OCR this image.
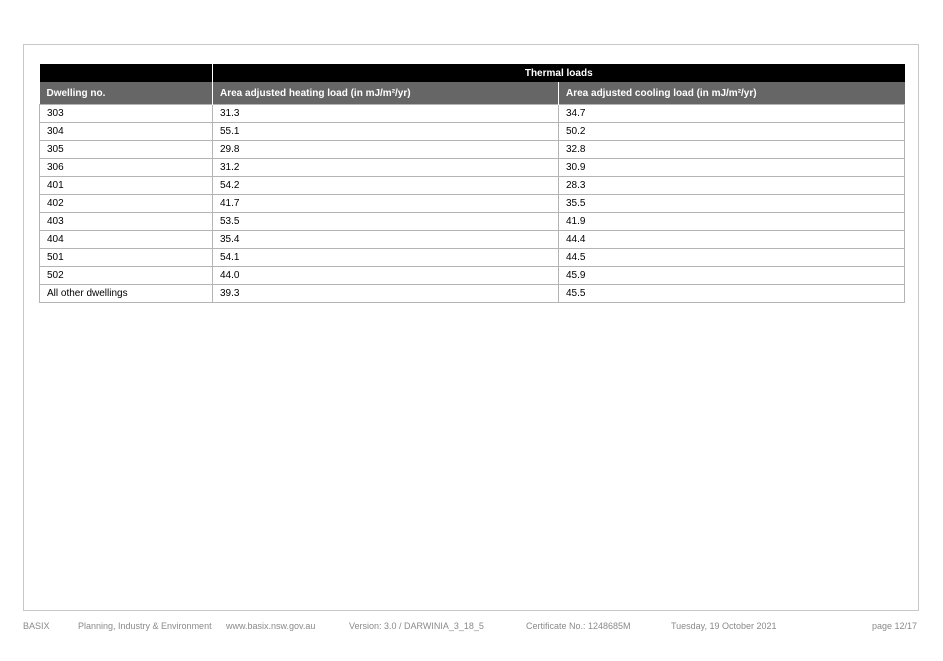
	Thermal loads	
Dwelling no.	Area adjusted heating load (in mJ/m²/yr)	Area adjusted cooling load (in mJ/m²/yr)
303	31.3	34.7
304	55.1	50.2
305	29.8	32.8
306	31.2	30.9
401	54.2	28.3
402	41.7	35.5
403	53.5	41.9
404	35.4	44.4
501	54.1	44.5
502	44.0	45.9
All other dwellings	39.3	45.5
BASIX	Planning, Industry & Environment www.basix.nsw.gov.au	Version: 3.0 / DARWINIA_3_18_5	Certificate No.: 1248685M	Tuesday, 19 October 2021	page 12/17
